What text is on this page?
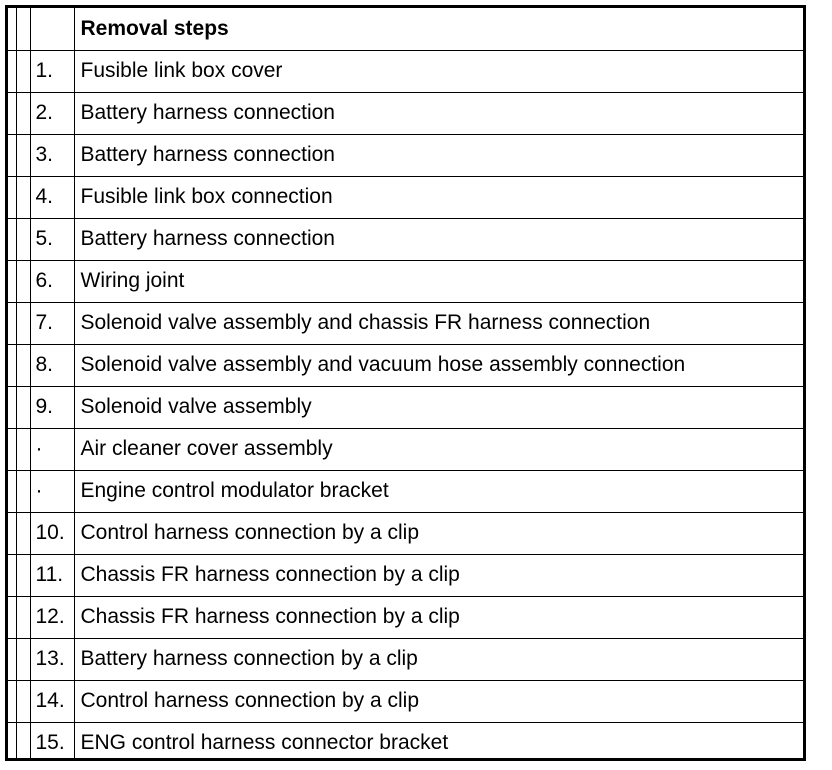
			Removal steps
		1.	Fusible link box cover
		2.	Battery harness connection
		3.	Battery harness connection
		4.	Fusible link box connection
		5.	Battery harness connection
		6.	Wiring joint
		7.	Solenoid valve assembly and chassis FR harness connection
		8.	Solenoid valve assembly and vacuum hose assembly connection
		9.	Solenoid valve assembly
		·	Air cleaner cover assembly
		·	Engine control modulator bracket
		10.	Control harness connection by a clip
		11.	Chassis FR harness connection by a clip
		12.	Chassis FR harness connection by a clip
		13.	Battery harness connection by a clip
		14.	Control harness connection by a clip
		15.	ENG control harness connector bracket
